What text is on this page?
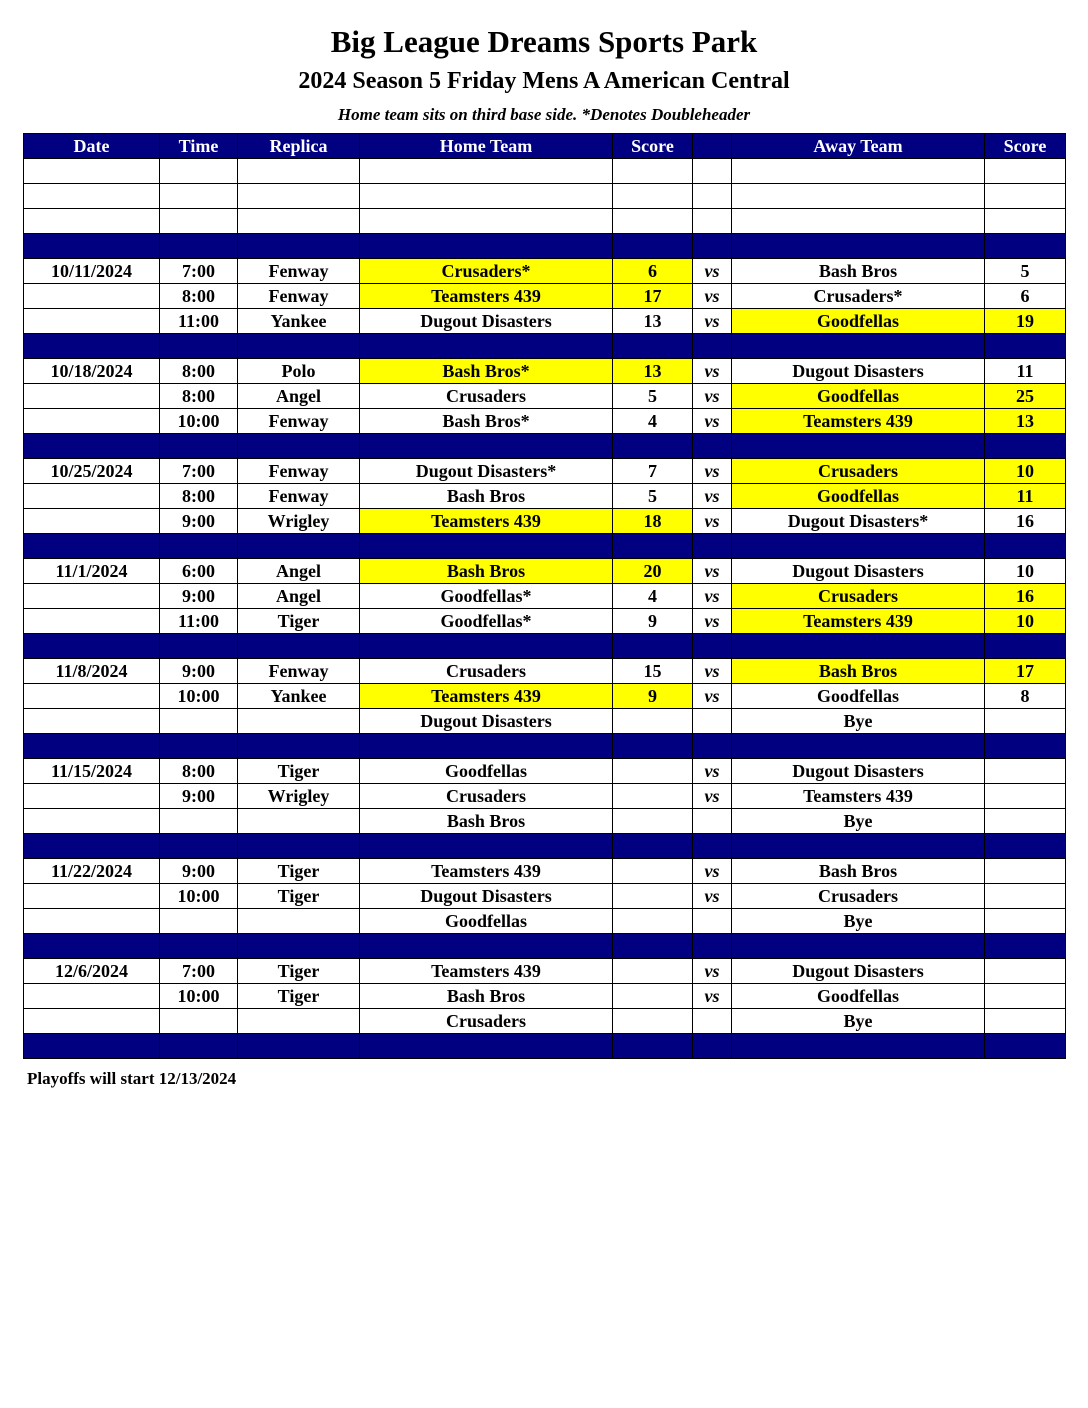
Big League Dreams Sports Park
2024 Season 5 Friday Mens A American Central
Home team sits on third base side. *Denotes Doubleheader
Date	Time	Replica	Home Team	Score		Away Team	Score

10/11/2024	7:00	Fenway	Crusaders*	6	vs	Bash Bros	5
	8:00	Fenway	Teamsters 439	17	vs	Crusaders*	6
	11:00	Yankee	Dugout Disasters	13	vs	Goodfellas	19

10/18/2024	8:00	Polo	Bash Bros*	13	vs	Dugout Disasters	11
	8:00	Angel	Crusaders	5	vs	Goodfellas	25
	10:00	Fenway	Bash Bros*	4	vs	Teamsters 439	13

10/25/2024	7:00	Fenway	Dugout Disasters*	7	vs	Crusaders	10
	8:00	Fenway	Bash Bros	5	vs	Goodfellas	11
	9:00	Wrigley	Teamsters 439	18	vs	Dugout Disasters*	16

11/1/2024	6:00	Angel	Bash Bros	20	vs	Dugout Disasters	10
	9:00	Angel	Goodfellas*	4	vs	Crusaders	16
	11:00	Tiger	Goodfellas*	9	vs	Teamsters 439	10

11/8/2024	9:00	Fenway	Crusaders	15	vs	Bash Bros	17
	10:00	Yankee	Teamsters 439	9	vs	Goodfellas	8
			Dugout Disasters			Bye	

11/15/2024	8:00	Tiger	Goodfellas		vs	Dugout Disasters	
	9:00	Wrigley	Crusaders		vs	Teamsters 439	
			Bash Bros			Bye	

11/22/2024	9:00	Tiger	Teamsters 439		vs	Bash Bros	
	10:00	Tiger	Dugout Disasters		vs	Crusaders	
			Goodfellas			Bye	

12/6/2024	7:00	Tiger	Teamsters 439		vs	Dugout Disasters	
	10:00	Tiger	Bash Bros		vs	Goodfellas	
			Crusaders			Bye	

Playoffs will start 12/13/2024
